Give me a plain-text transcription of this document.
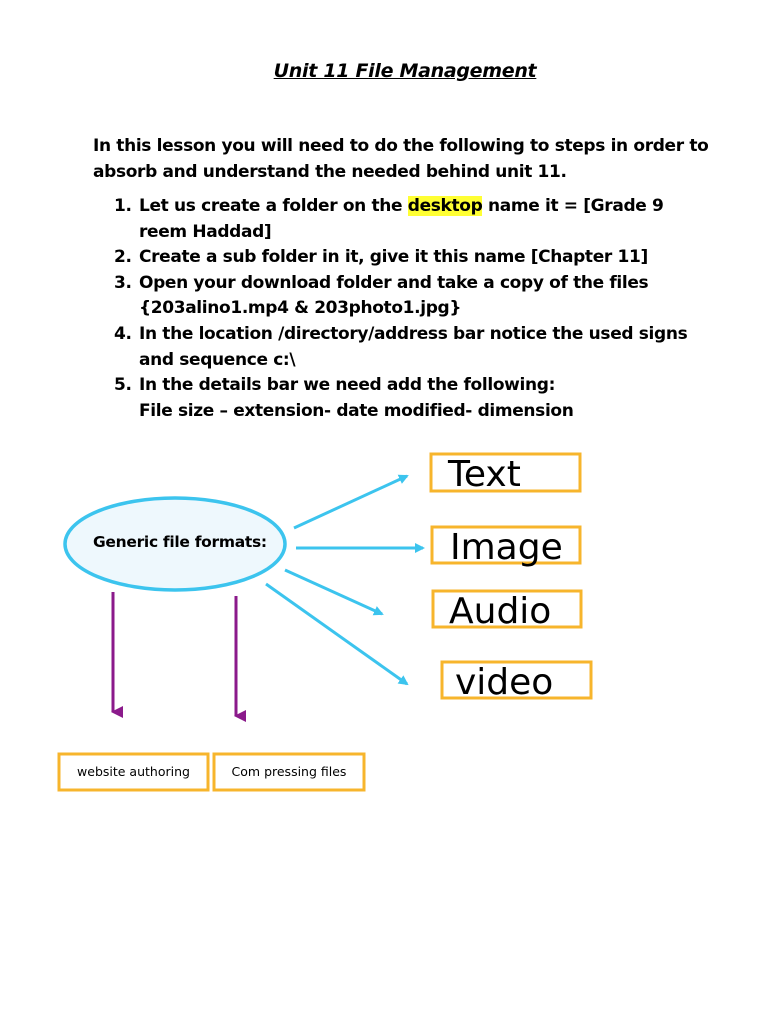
Unit 11 File Management
In this lesson you will need to do the following to steps in order to absorb and understand the needed behind unit 11.
1. Let us create a folder on the desktop name it = [Grade 9 reem Haddad]
2. Create a sub folder in it, give it this name [Chapter 11]
3. Open your download folder and take a copy of the files {203alino1.mp4 & 203photo1.jpg}
4. In the location /directory/address bar notice the used signs and sequence c:\
5. In the details bar we need add the following:
File size – extension- date modified- dimension
Text
Image
Audio
video
Generic file formats:
website authoring	Com pressing files
